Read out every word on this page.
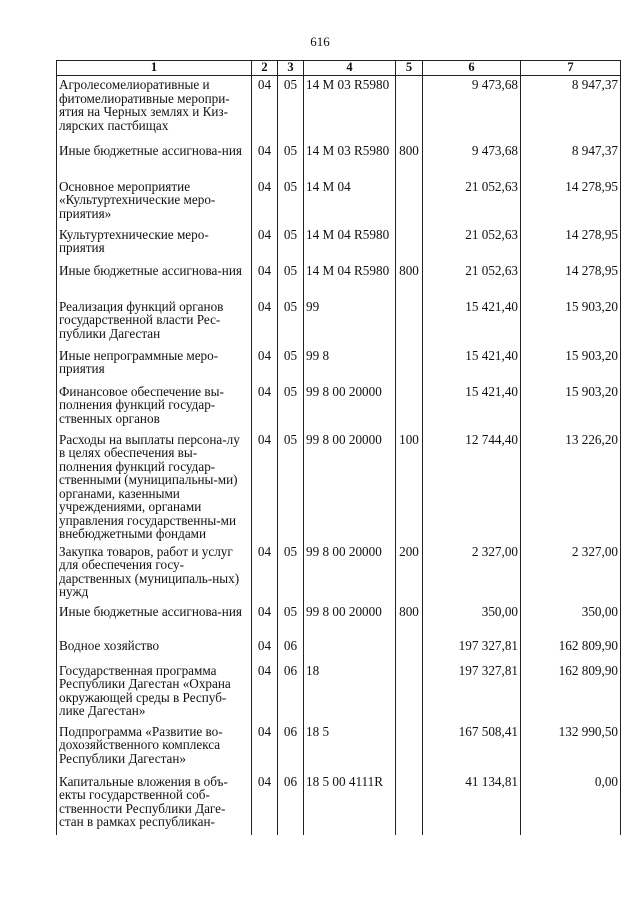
616
1	2	3	4	5	6	7
Агролесомелиоративные и фитомелиоративные меропри-ятия на Черных землях и Киз-лярских пастбищах	04	05	14 М 03 R5980		9 473,68	8 947,37
Иные бюджетные ассигнова-ния	04	05	14 М 03 R5980	800	9 473,68	8 947,37
Основное мероприятие «Культуртехнические меро-приятия»	04	05	14 М 04		21 052,63	14 278,95
Культуртехнические меро-приятия	04	05	14 М 04 R5980		21 052,63	14 278,95
Иные бюджетные ассигнова-ния	04	05	14 М 04 R5980	800	21 052,63	14 278,95
Реализация функций органов государственной власти Рес-публики Дагестан	04	05	99		15 421,40	15 903,20
Иные непрограммные меро-приятия	04	05	99 8		15 421,40	15 903,20
Финансовое обеспечение вы-полнения функций государ-ственных органов	04	05	99 8 00 20000		15 421,40	15 903,20
Расходы на выплаты персона-лу в целях обеспечения вы-полнения функций государ-ственными (муниципальны-ми) органами, казенными учреждениями, органами управления государственны-ми внебюджетными фондами	04	05	99 8 00 20000	100	12 744,40	13 226,20
Закупка товаров, работ и услуг для обеспечения госу-дарственных (муниципаль-ных) нужд	04	05	99 8 00 20000	200	2 327,00	2 327,00
Иные бюджетные ассигнова-ния	04	05	99 8 00 20000	800	350,00	350,00
Водное хозяйство	04	06			197 327,81	162 809,90
Государственная программа Республики Дагестан «Охрана окружающей среды в Респуб-лике Дагестан»	04	06	18		197 327,81	162 809,90
Подпрограмма «Развитие во-дохозяйственного комплекса Республики Дагестан»	04	06	18 5		167 508,41	132 990,50
Капитальные вложения в объ-екты государственной соб-ственности Республики Даге-стан в рамках республикан-	04	06	18 5 00 4111R		41 134,81	0,00
